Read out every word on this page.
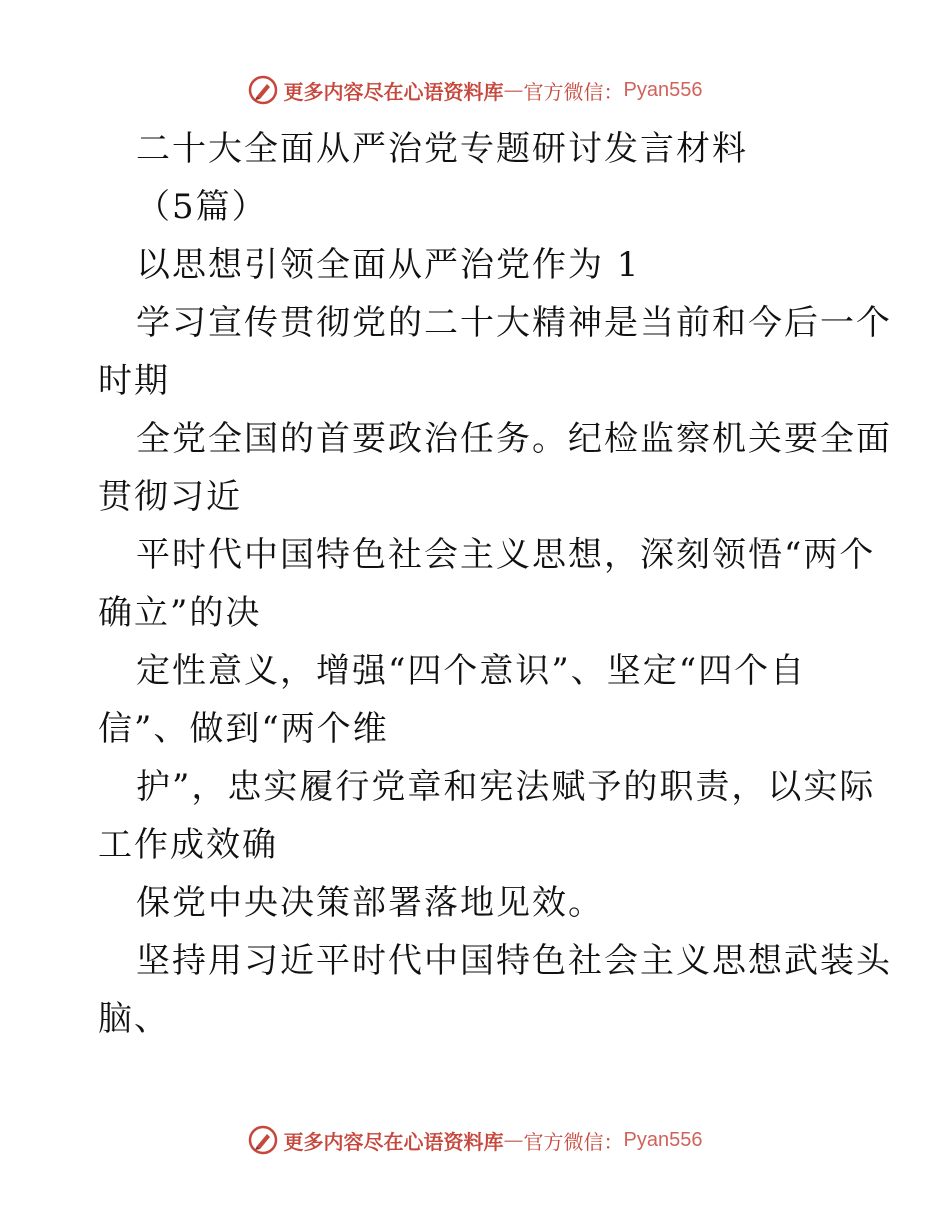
更多内容尽在心语资料库 — 官方微信： Pyan556
二十大全面从严治党专题研讨发言材料
（5篇）
以思想引领全面从严治党作为 1
学习宣传贯彻党的二十大精神是当前和今后一个
时期
全党全国的首要政治任务。纪检监察机关要全面
贯彻习近
平时代中国特色社会主义思想，深刻领悟“两个
确立”的决
定性意义，增强“四个意识”、坚定“四个自
信”、做到“两个维
护”，忠实履行党章和宪法赋予的职责，以实际
工作成效确
保党中央决策部署落地见效。
坚持用习近平时代中国特色社会主义思想武装头
脑、
更多内容尽在心语资料库 — 官方微信： Pyan556
